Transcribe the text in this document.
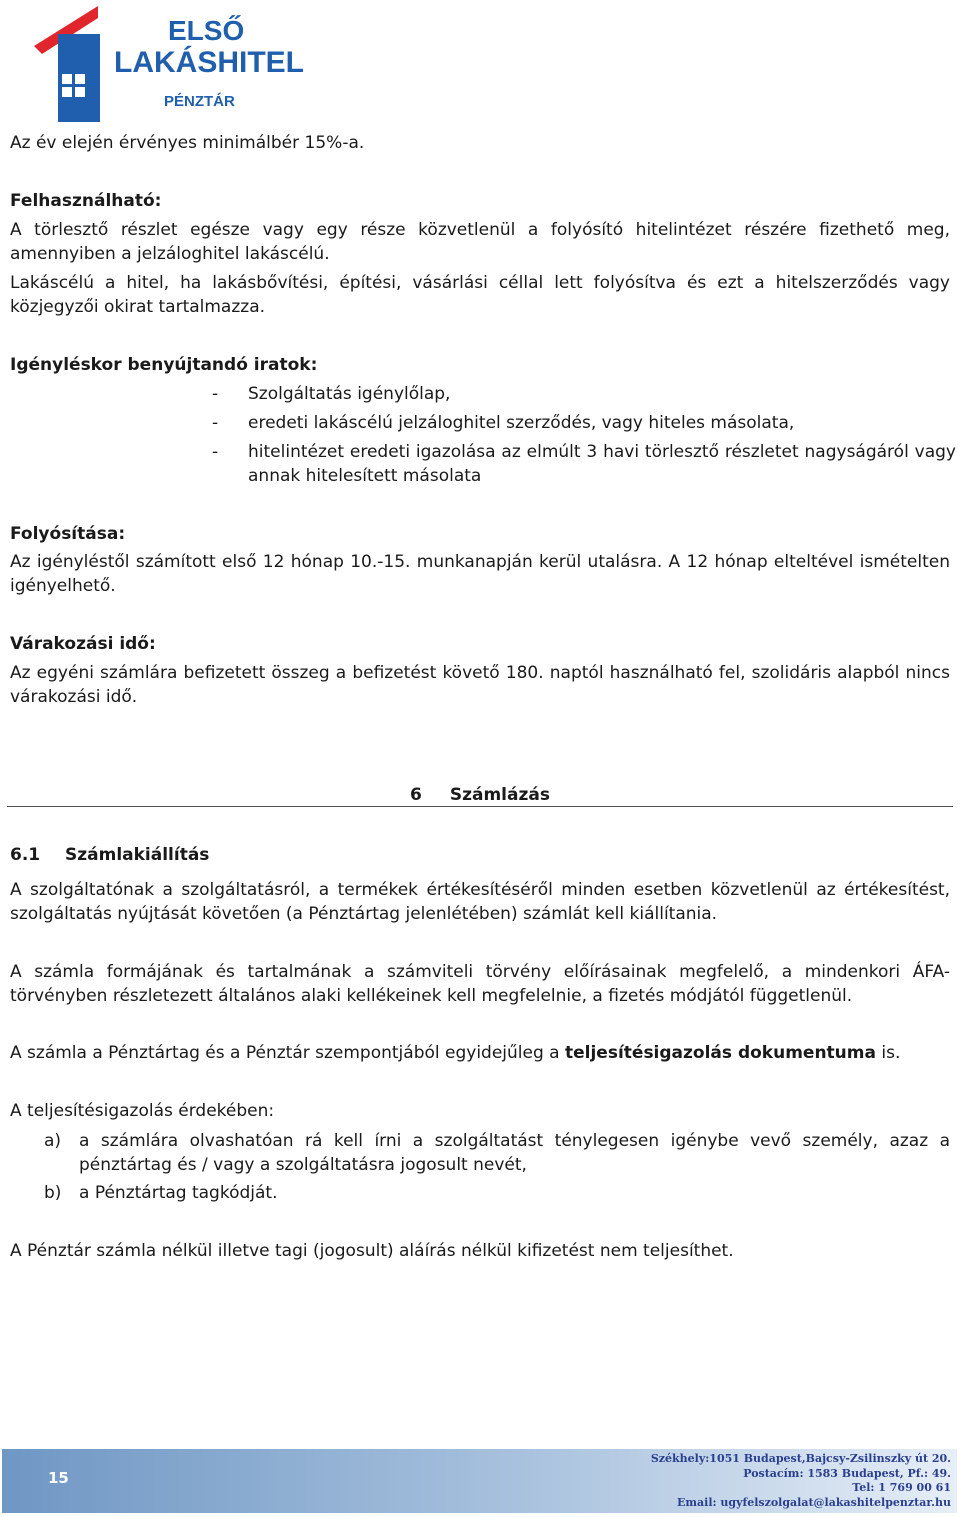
ELSŐ
LAKÁSHITEL
PÉNZTÁR

Az év elején érvényes minimálbér 15%-a.

Felhasználható:

A törlesztő részlet egésze vagy egy része közvetlenül a folyósító hitelintézet részére fizethető meg, amennyiben a jelzáloghitel lakáscélú.

Lakáscélú a hitel, ha lakásbővítési, építési, vásárlási céllal lett folyósítva és ezt a hitelszerződés vagy közjegyzői okirat tartalmazza.

Igényléskor benyújtandó iratok:

- Szolgáltatás igénylőlap,

- eredeti lakáscélú jelzáloghitel szerződés, vagy hiteles másolata,

- hitelintézet eredeti igazolása az elmúlt 3 havi törlesztő részletet nagyságáról vagy annak hitelesített másolata

Folyósítása:

Az igényléstől számított első 12 hónap 10.-15. munkanapján kerül utalásra. A 12 hónap elteltével ismételten igényelhető.

Várakozási idő:

Az egyéni számlára befizetett összeg a befizetést követő 180. naptól használható fel, szolidáris alapból nincs várakozási idő.

6 Számlázás
6.1 Számlakiállítás

A szolgáltatónak a szolgáltatásról, a termékek értékesítéséről minden esetben közvetlenül az értékesítést, szolgáltatás nyújtását követően (a Pénztártag jelenlétében) számlát kell kiállítania.

A számla formájának és tartalmának a számviteli törvény előírásainak megfelelő, a mindenkori ÁFA-törvényben részletezett általános alaki kellékeinek kell megfelelnie, a fizetés módjától függetlenül.

A számla a Pénztártag és a Pénztár szempontjából egyidejűleg a teljesítésigazolás dokumentuma is.

A teljesítésigazolás érdekében:

a) a számlára olvashatóan rá kell írni a szolgáltatást ténylegesen igénybe vevő személy, azaz a pénztártag és / vagy a szolgáltatásra jogosult nevét,

b) a Pénztártag tagkódját.

A Pénztár számla nélkül illetve tagi (jogosult) aláírás nélkül kifizetést nem teljesíthet.

15
Székhely:1051 Budapest,Bajcsy-Zsilinszky út 20.
Postacím: 1583 Budapest, Pf.: 49.
Tel: 1 769 00 61
Email: ugyfelszolgalat@lakashitelpenztar.hu
